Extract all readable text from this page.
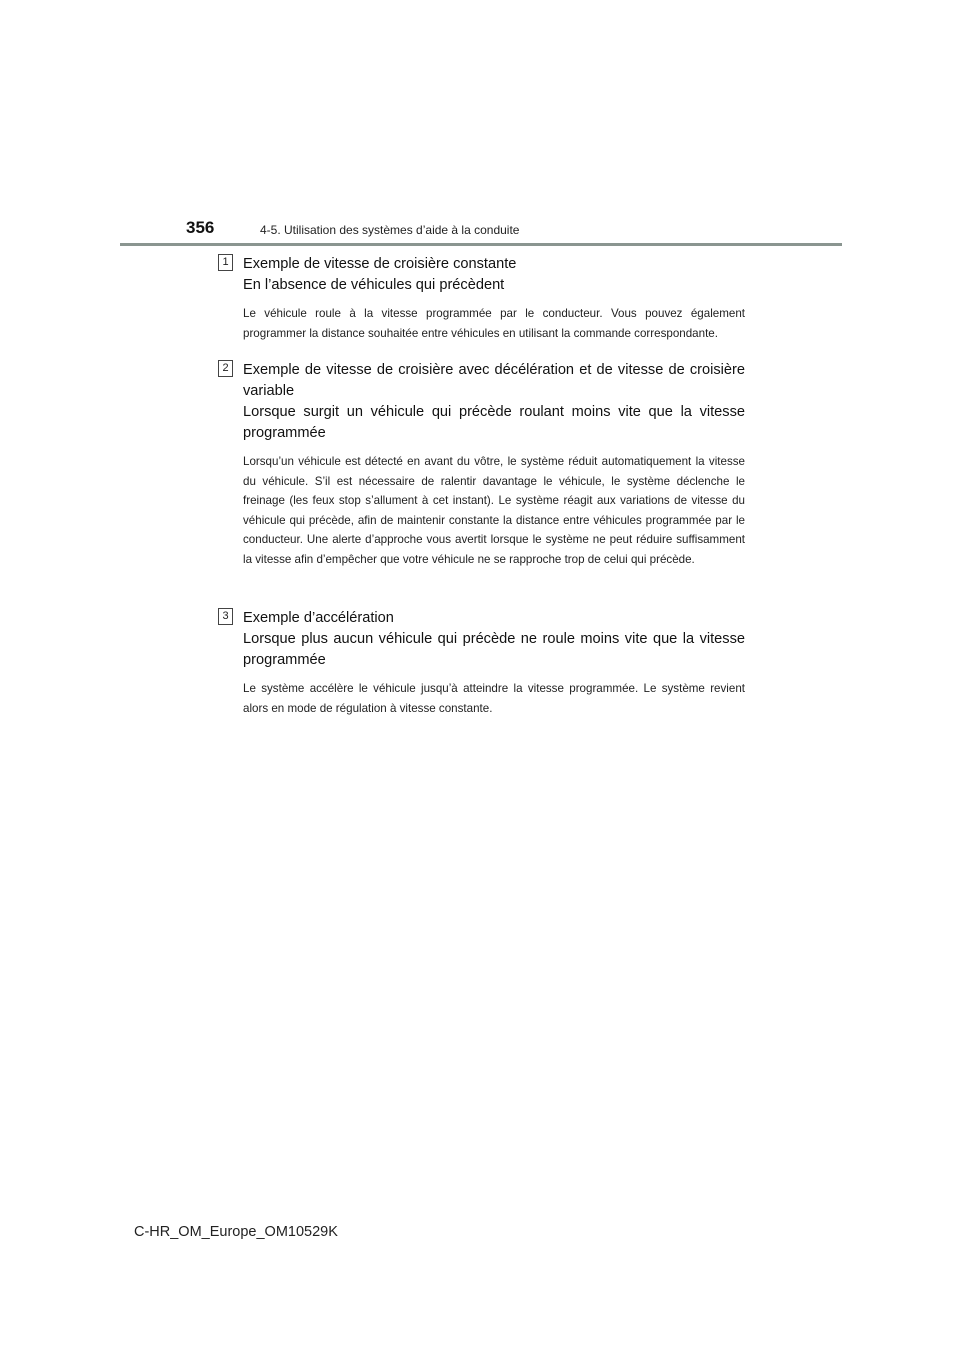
356	4-5. Utilisation des systèmes d’aide à la conduite
1 Exemple de vitesse de croisière constante
En l’absence de véhicules qui précèdent
Le véhicule roule à la vitesse programmée par le conducteur. Vous pouvez également programmer la distance souhaitée entre véhicules en utilisant la commande correspondante.
2 Exemple de vitesse de croisière avec décélération et de vitesse de croisière variable
Lorsque surgit un véhicule qui précède roulant moins vite que la vitesse programmée
Lorsqu’un véhicule est détecté en avant du vôtre, le système réduit automatiquement la vitesse du véhicule. S’il est nécessaire de ralentir davantage le véhicule, le système déclenche le freinage (les feux stop s’allument à cet instant). Le système réagit aux variations de vitesse du véhicule qui précède, afin de maintenir constante la distance entre véhicules programmée par le conducteur. Une alerte d’approche vous avertit lorsque le système ne peut réduire suffisamment la vitesse afin d’empêcher que votre véhicule ne se rapproche trop de celui qui précède.
3 Exemple d’accélération
Lorsque plus aucun véhicule qui précède ne roule moins vite que la vitesse programmée
Le système accélère le véhicule jusqu’à atteindre la vitesse programmée. Le système revient alors en mode de régulation à vitesse constante.
C-HR_OM_Europe_OM10529K
